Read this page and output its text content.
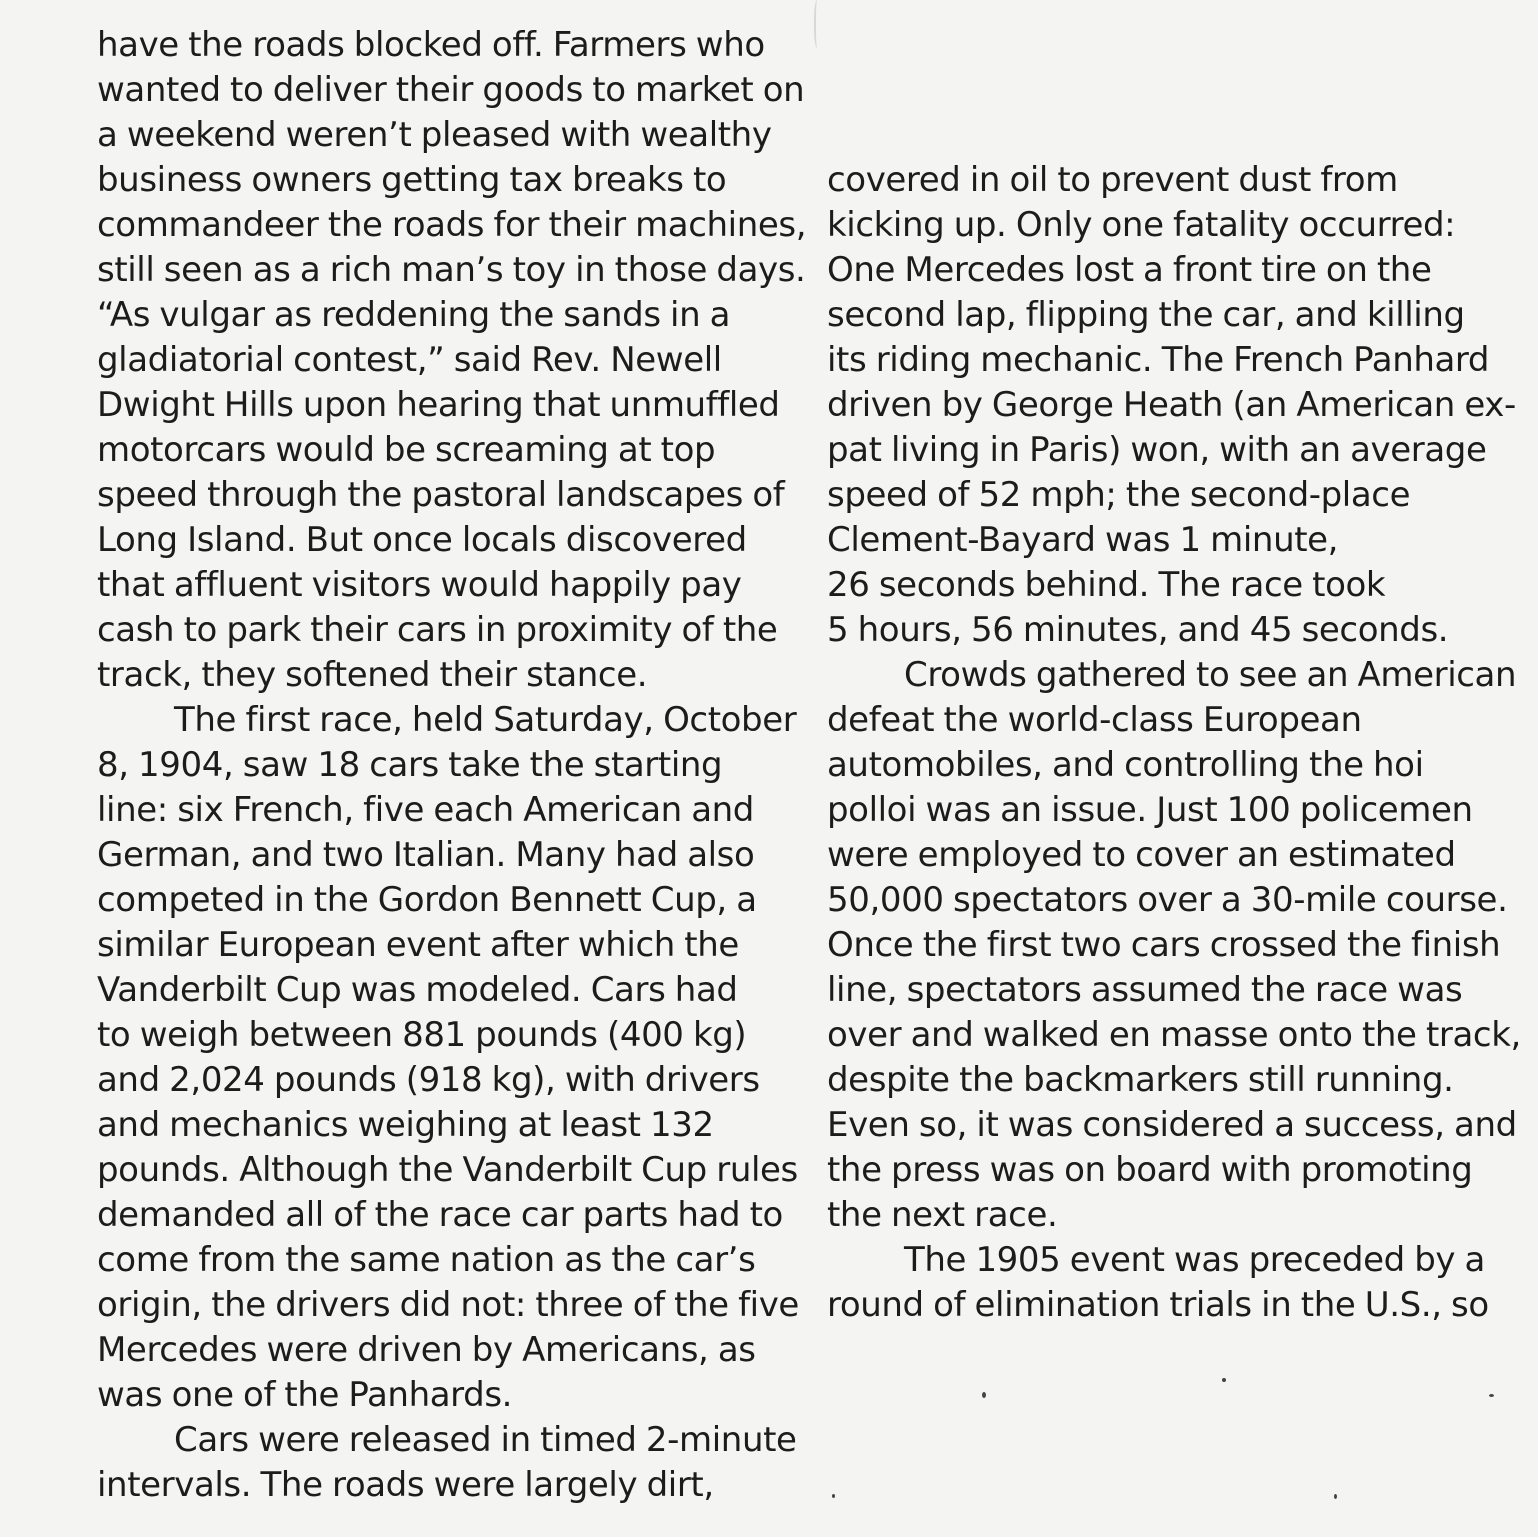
have the roads blocked off. Farmers who
wanted to deliver their goods to market on
a weekend weren’t pleased with wealthy
business owners getting tax breaks to
commandeer the roads for their machines,
still seen as a rich man’s toy in those days.
“As vulgar as reddening the sands in a
gladiatorial contest,” said Rev. Newell
Dwight Hills upon hearing that unmuffled
motorcars would be screaming at top
speed through the pastoral landscapes of
Long Island. But once locals discovered
that affluent visitors would happily pay
cash to park their cars in proximity of the
track, they softened their stance.
The first race, held Saturday, October
8, 1904, saw 18 cars take the starting
line: six French, five each American and
German, and two Italian. Many had also
competed in the Gordon Bennett Cup, a
similar European event after which the
Vanderbilt Cup was modeled. Cars had
to weigh between 881 pounds (400 kg)
and 2,024 pounds (918 kg), with drivers
and mechanics weighing at least 132
pounds. Although the Vanderbilt Cup rules
demanded all of the race car parts had to
come from the same nation as the car’s
origin, the drivers did not: three of the five
Mercedes were driven by Americans, as
was one of the Panhards.
Cars were released in timed 2-minute
intervals. The roads were largely dirt,
covered in oil to prevent dust from
kicking up. Only one fatality occurred:
One Mercedes lost a front tire on the
second lap, flipping the car, and killing
its riding mechanic. The French Panhard
driven by George Heath (an American ex-
pat living in Paris) won, with an average
speed of 52 mph; the second-place
Clement-Bayard was 1 minute,
26 seconds behind. The race took
5 hours, 56 minutes, and 45 seconds.
Crowds gathered to see an American
defeat the world-class European
automobiles, and controlling the hoi
polloi was an issue. Just 100 policemen
were employed to cover an estimated
50,000 spectators over a 30-mile course.
Once the first two cars crossed the finish
line, spectators assumed the race was
over and walked en masse onto the track,
despite the backmarkers still running.
Even so, it was considered a success, and
the press was on board with promoting
the next race.
The 1905 event was preceded by a
round of elimination trials in the U.S., so
